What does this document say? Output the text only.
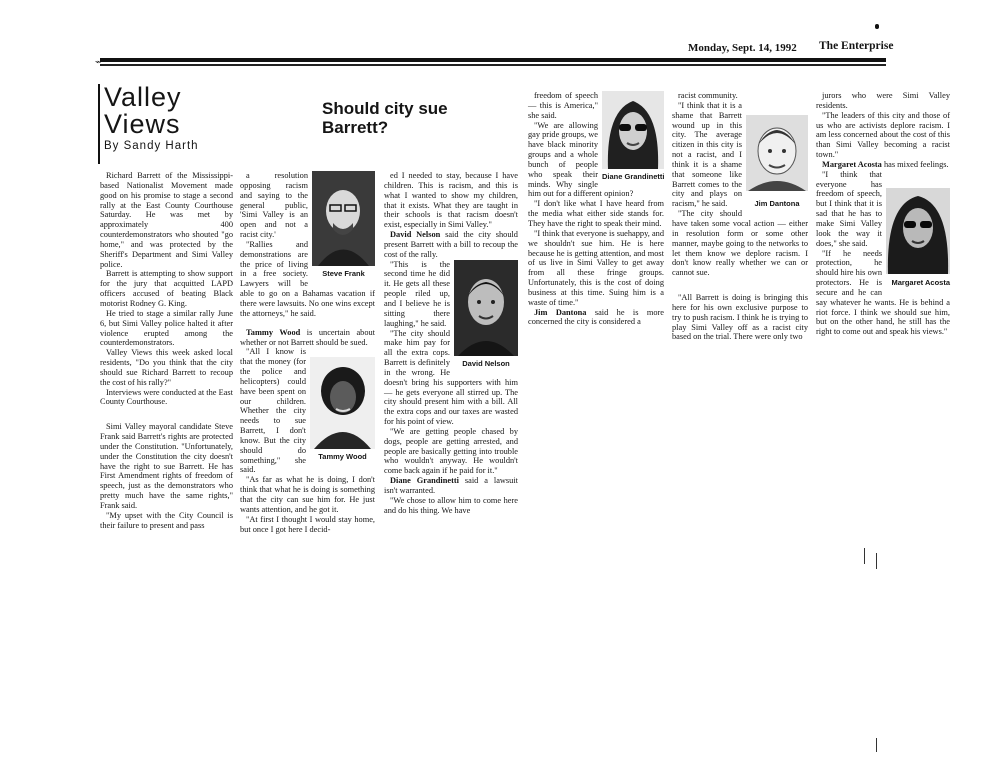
Monday, Sept. 14, 1992 The Enterprise
⌁
Valley
Views
By Sandy Harth
Should city sue Barrett?

Richard Barrett of the Mississippi-based Nationalist Movement made good on his promise to stage a second rally at the East County Courthouse Saturday. He was met by approximately 400 counterdemonstrators who shouted "go home," and was protected by the Sheriff's Department and Simi Valley police.

Barrett is attempting to show support for the jury that acquitted LAPD officers accused of beating Black motorist Rodney G. King.

He tried to stage a similar rally June 6, but Simi Valley police halted it after violence erupted among the counterdemonstrators.

Valley Views this week asked local residents, "Do you think that the city should sue Richard Barrett to recoup the cost of his rally?"

Interviews were conducted at the East County Courthouse.

Simi Valley mayoral candidate Steve Frank said Barrett's rights are protected under the Constitution. "Unfortunately, under the Constitution the city doesn't have the right to sue Barrett. He has First Amendment rights of freedom of speech, just as the demonstrators who pretty much have the same rights," Frank said.

"My upset with the City Council is their failure to present and pass

Steve Frank

a resolution opposing racism and saying to the general public, 'Simi Valley is an open and not a racist city.'

"Rallies and demonstrations are the price of living in a free society. Lawyers will be able to go on a Bahamas vacation if there were lawsuits. No one wins except the attorneys," he said.

Tammy Wood is uncertain about whether or not Barrett should be sued.

Tammy Wood

"All I know is that the money (for the police and helicopters) could have been spent on our children. Whether the city needs to sue Barrett, I don't know. But the city should do something," she said.

"As far as what he is doing, I don't think that what he is doing is something that the city can sue him for. He just wants attention, and he got it.

"At first I thought I would stay home, but once I got here I decid-

ed I needed to stay, because I have children. This is racism, and this is what I wanted to show my children, that it exists. What they are taught in their schools is that racism doesn't exist, especially in Simi Valley."

David Nelson said the city should present Barrett with a bill to recoup the cost of the rally.

David Nelson

"This is the second time he did it. He gets all these people riled up, and I believe he is sitting there laughing," he said.

"The city should make him pay for all the extra cops. Barrett is definitely in the wrong. He doesn't bring his supporters with him — he gets everyone all stirred up. The city should present him with a bill. All the extra cops and our taxes are wasted for his point of view.

"We are getting people chased by dogs, people are getting arrested, and people are basically getting into trouble who wouldn't anyway. He wouldn't come back again if he paid for it."

Diane Grandinetti said a lawsuit isn't warranted.

"We chose to allow him to come here and do his thing. We have

Diane Grandinetti

freedom of speech — this is America," she said.

"We are allowing gay pride groups, we have black minority groups and a whole bunch of people who speak their minds. Why single him out for a different opinion?

"I don't like what I have heard from the media what either side stands for. They have the right to speak their mind.

"I think that everyone is suehappy, and we shouldn't sue him. He is here because he is getting attention, and most of us live in Simi Valley to get away from all these fringe groups. Unfortunately, this is the cost of doing business at this time. Suing him is a waste of time."

Jim Dantona said he is more concerned the city is considered a

racist community.

Jim Dantona

"I think that it is a shame that Barrett wound up in this city. The average citizen in this city is not a racist, and I think it is a shame that someone like Barrett comes to the city and plays on racism," he said.

"The city should have taken some vocal action — either in resolution form or some other manner, maybe going to the networks to let them know we deplore racism. I don't know really whether we can or cannot sue.

"All Barrett is doing is bringing this here for his own exclusive purpose to try to push racism. I think he is trying to play Simi Valley off as a racist city based on the trial. There were only two

jurors who were Simi Valley residents.

"The leaders of this city and those of us who are activists deplore racism. I am less concerned about the cost of this than Simi Valley becoming a racist town."

Margaret Acosta has mixed feelings.

Margaret Acosta

"I think that everyone has freedom of speech, but I think that it is sad that he has to make Simi Valley look the way it does," she said.

"If he needs protection, he should hire his own protectors. He is secure and he can say whatever he wants. He is behind a riot force. I think we should sue him, but on the other hand, he still has the right to come out and speak his views."
